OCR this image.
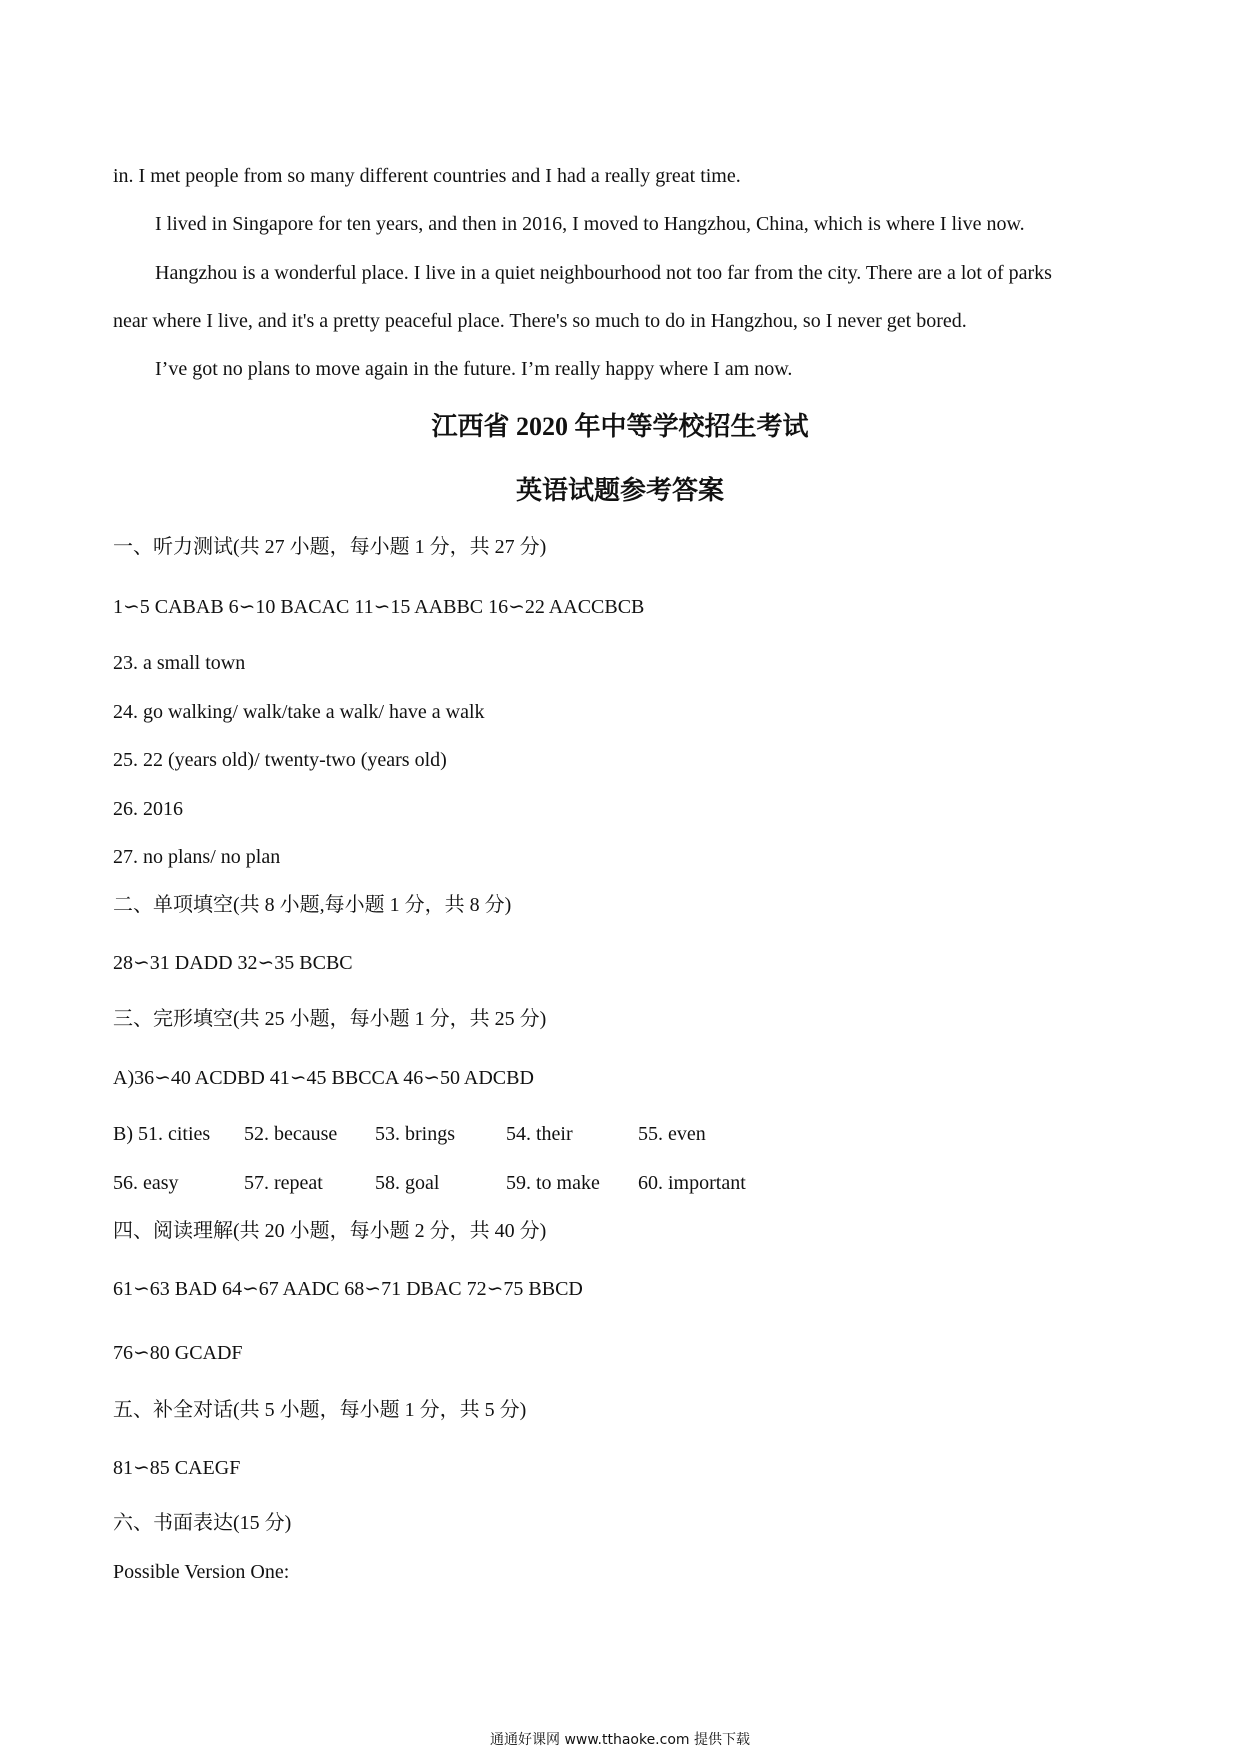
in. I met people from so many different countries and I had a really great time.
I lived in Singapore for ten years, and then in 2016, I moved to Hangzhou, China, which is where I live now.
Hangzhou is a wonderful place. I live in a quiet neighbourhood not too far from the city. There are a lot of parks
near where I live, and it's a pretty peaceful place. There's so much to do in Hangzhou, so I never get bored.
I’ve got no plans to move again in the future. I’m really happy where I am now.
江西省 2020 年中等学校招生考试
英语试题参考答案
一、听力测试(共 27 小题，每小题 1 分，共 27 分)
1∽5 CABAB 6∽10 BACAC 11∽15 AABBC 16∽22 AACCBCB
23. a small town
24. go walking/ walk/take a walk/ have a walk
25. 22 (years old)/ twenty-two (years old)
26. 2016
27. no plans/ no plan
二、单项填空(共 8 小题,每小题 1 分，共 8 分)
28∽31 DADD 32∽35 BCBC
三、完形填空(共 25 小题，每小题 1 分，共 25 分)
A)36∽40 ACDBD 41∽45 BBCCA 46∽50 ADCBD
B) 51. cities 52. because 53. brings	54. their	55. even
56. easy	57. repeat	58. goal	59. to make 60. important
四、阅读理解(共 20 小题，每小题 2 分，共 40 分)
61∽63 BAD 64∽67 AADC 68∽71 DBAC 72∽75 BBCD
76∽80 GCADF
五、补全对话(共 5 小题，每小题 1 分，共 5 分)
81∽85 CAEGF
六、书面表达(15 分)
Possible Version One:
通通好课网 www.tthaoke.com 提供下载
